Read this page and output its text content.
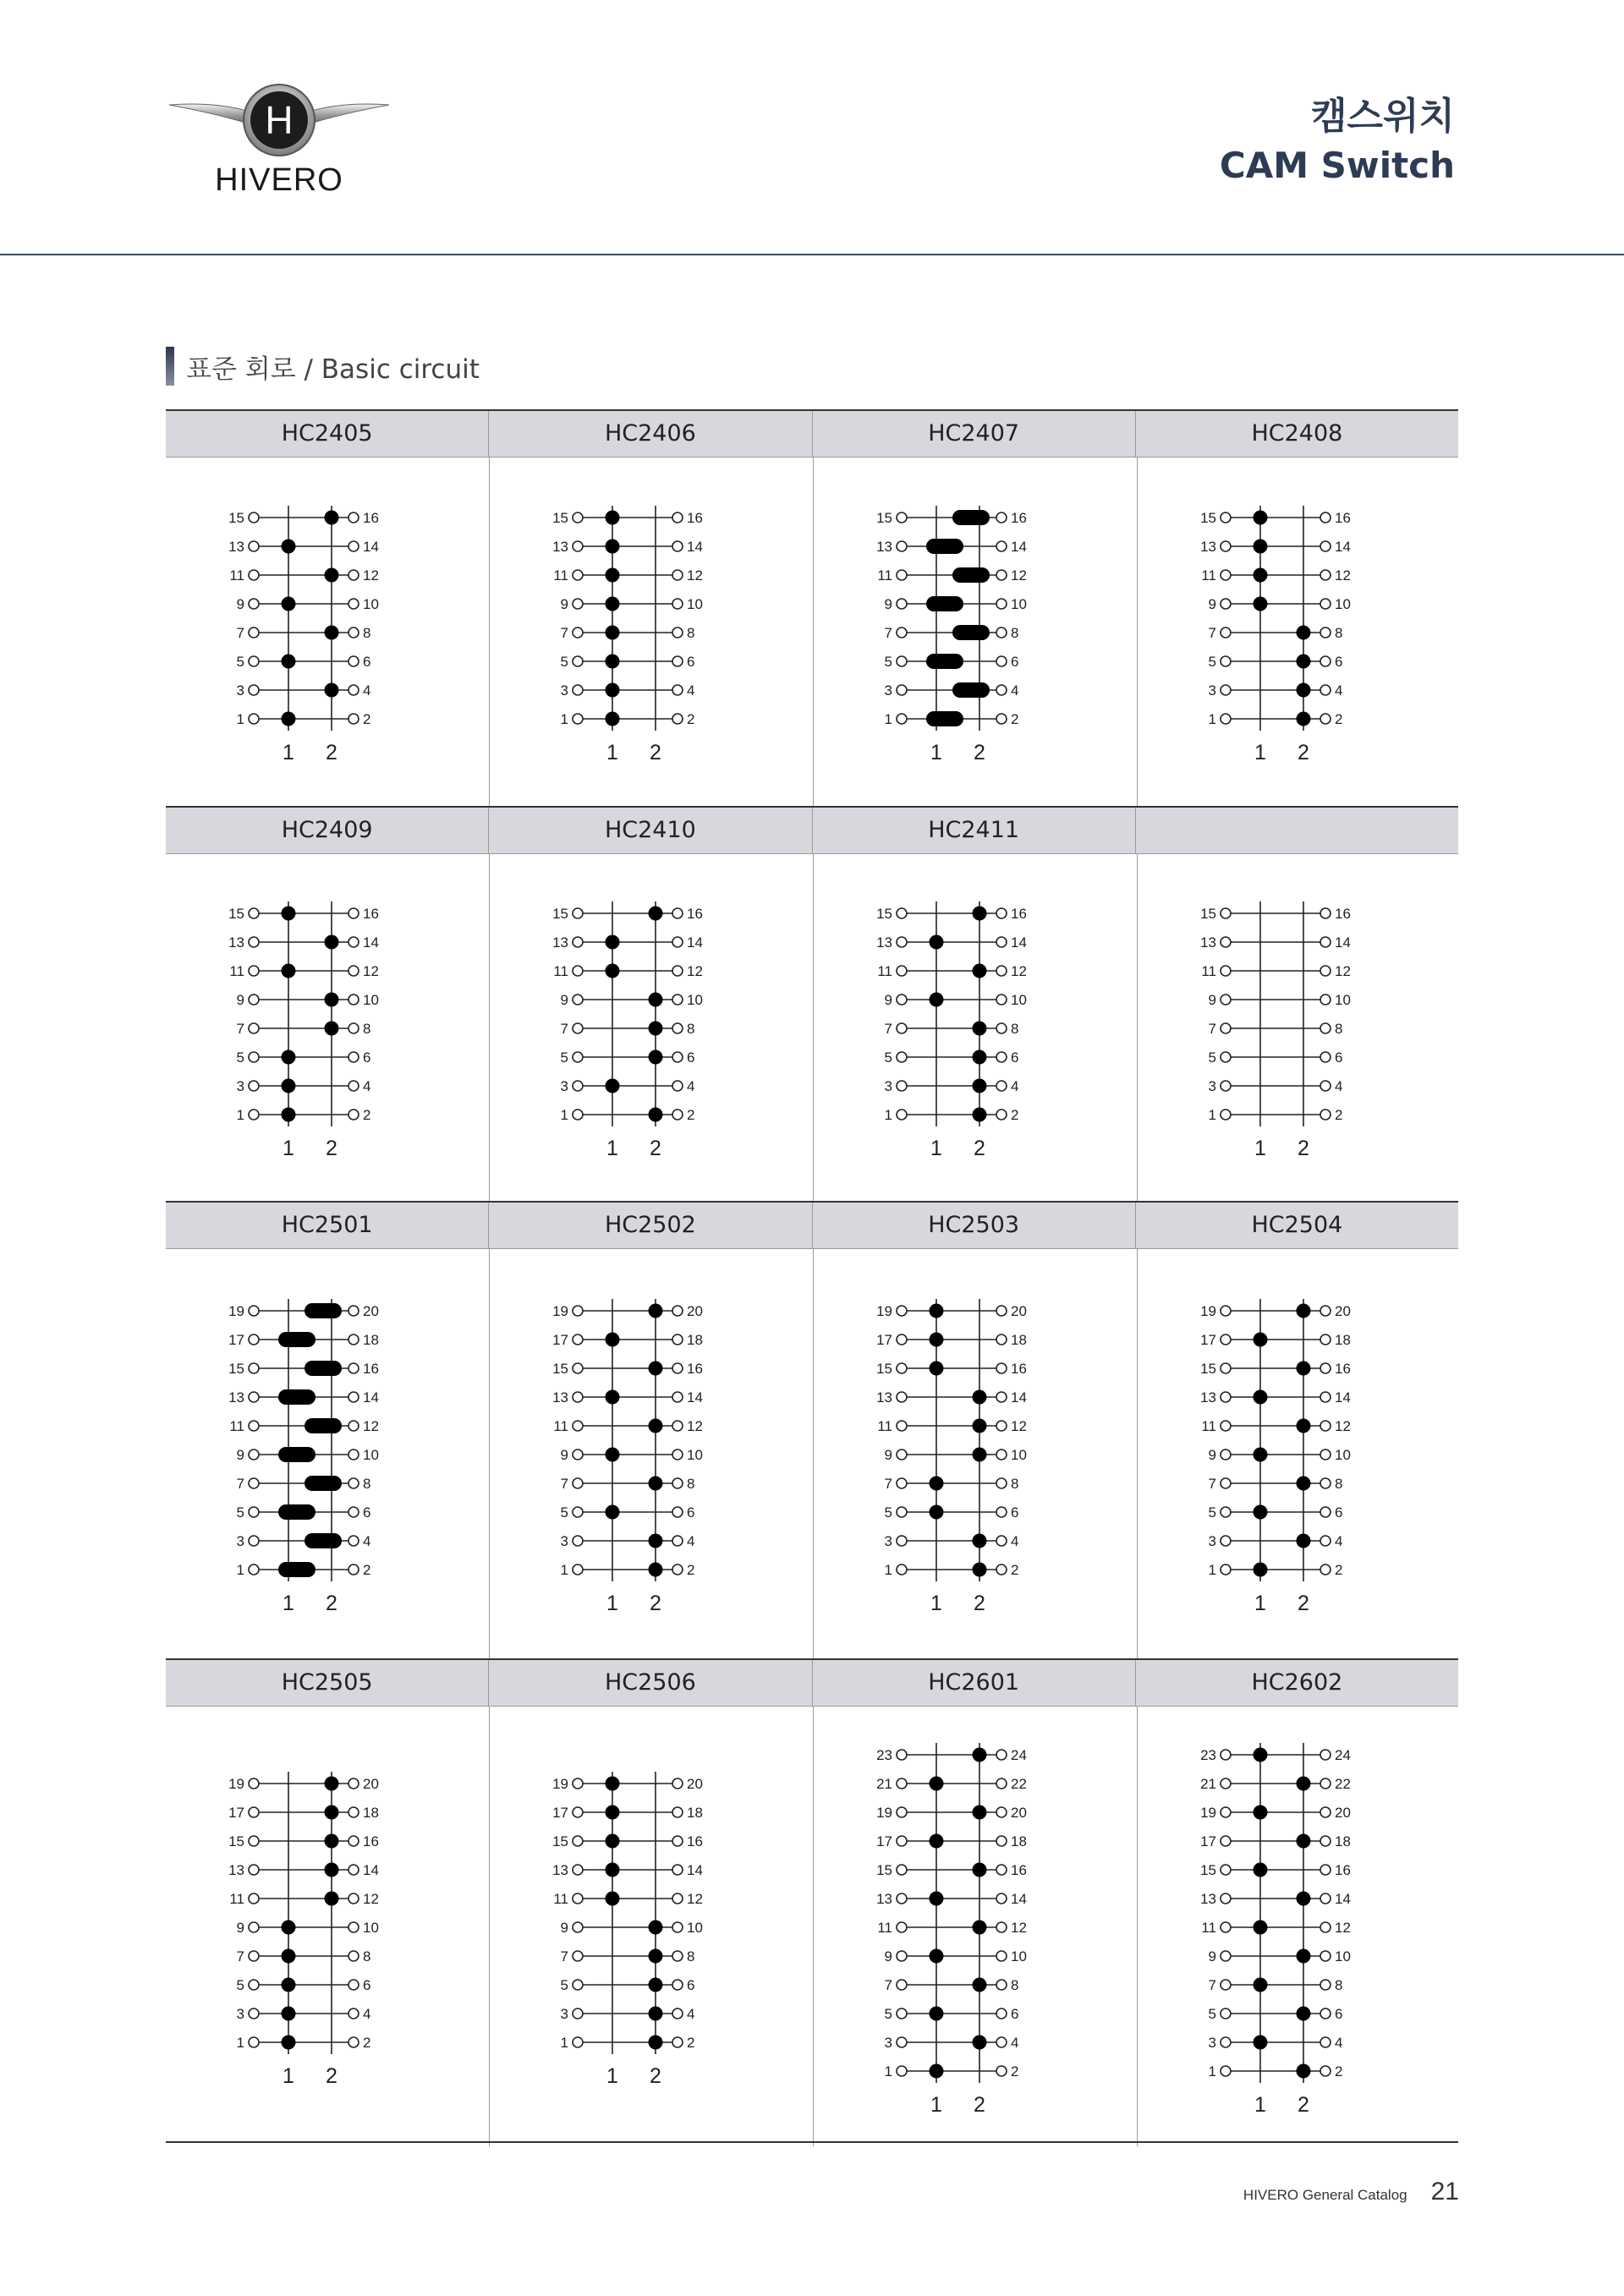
H
HIVERO
캠스위치
CAM Switch
표준 회로 / Basic circuit
HC2405	HC2406	HC2407	HC2408
15	16
13	14
11	12
9	10
7	8
5	6
3	4
1	2
1 2
15	16
13	14
11	12
9	10
7	8
5	6
3	4
1	2
1 2
15	16
13	14
11	12
9	10
7	8
5	6
3	4
1	2
1 2
15	16
13	14
11	12
9	10
7	8
5	6
3	4
1	2
1 2
HC2409	HC2410	HC2411
15	16
13	14
11	12
9	10
7	8
5	6
3	4
1	2
1 2
15	16
13	14
11	12
9	10
7	8
5	6
3	4
1	2
1 2
15	16
13	14
11	12
9	10
7	8
5	6
3	4
1	2
1 2
15	16
13	14
11	12
9	10
7	8
5	6
3	4
1	2
1 2
HC2501	HC2502	HC2503	HC2504
19	20
17	18
15	16
13	14
11	12
9	10
7	8
5	6
3	4
1	2
1 2
19	20
17	18
15	16
13	14
11	12
9	10
7	8
5	6
3	4
1	2
1 2
19	20
17	18
15	16
13	14
11	12
9	10
7	8
5	6
3	4
1	2
1 2
19	20
17	18
15	16
13	14
11	12
9	10
7	8
5	6
3	4
1	2
1 2
HC2505	HC2506	HC2601	HC2602
19	20
17	18
15	16
13	14
11	12
9	10
7	8
5	6
3	4
1	2
1 2
19	20
17	18
15	16
13	14
11	12
9	10
7	8
5	6
3	4
1	2
1 2
23	24
21	22
19	20
17	18
15	16
13	14
11	12
9	10
7	8
5	6
3	4
1	2
1 2
23	24
21	22
19	20
17	18
15	16
13	14
11	12
9	10
7	8
5	6
3	4
1	2
1 2
HIVERO General Catalog 21
